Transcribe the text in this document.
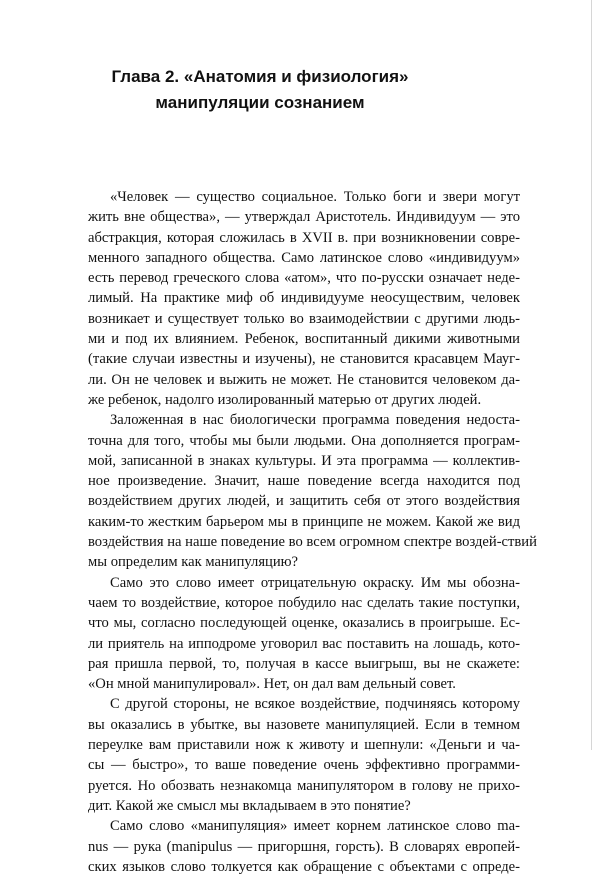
Глава 2. «Анатомия и физиология»
манипуляции сознанием
«Человек — существо социальное. Только боги и звери могут
жить вне общества», — утверждал Аристотель. Индивидуум — это
абстракция, которая сложилась в XVII в. при возникновении совре-
менного западного общества. Само латинское слово «индивидуум»
есть перевод греческого слова «атом», что по-русски означает неде-
лимый. На практике миф об индивидууме неосуществим, человек
возникает и существует только во взаимодействии с другими людь-
ми и под их влиянием. Ребенок, воспитанный дикими животными
(такие случаи известны и изучены), не становится красавцем Мауг-
ли. Он не человек и выжить не может. Не становится человеком да-
же ребенок, надолго изолированный матерью от других людей.
Заложенная в нас биологически программа поведения недоста-
точна для того, чтобы мы были людьми. Она дополняется програм-
мой, записанной в знаках культуры. И эта программа — коллектив-
ное произведение. Значит, наше поведение всегда находится под
воздействием других людей, и защитить себя от этого воздействия
каким-то жестким барьером мы в принципе не можем. Какой же вид
воздействия на наше поведение во всем огромном спектре воздей-ствий
мы определим как манипуляцию?
Само это слово имеет отрицательную окраску. Им мы обозна-
чаем то воздействие, которое побудило нас сделать такие поступки,
что мы, согласно последующей оценке, оказались в проигрыше. Ес-
ли приятель на ипподроме уговорил вас поставить на лошадь, кото-
рая пришла первой, то, получая в кассе выигрыш, вы не скажете:
«Он мной манипулировал». Нет, он дал вам дельный совет.
С другой стороны, не всякое воздействие, подчиняясь которому
вы оказались в убытке, вы назовете манипуляцией. Если в темном
переулке вам приставили нож к животу и шепнули: «Деньги и ча-
сы — быстро», то ваше поведение очень эффективно программи-
руется. Но обозвать незнакомца манипулятором в голову не прихо-
дит. Какой же смысл мы вкладываем в это понятие?
Само слово «манипуляция» имеет корнем латинское слово ma-
nus — рука (manipulus — пригоршня, горсть). В словарях европей-
ских языков слово толкуется как обращение с объектами с опреде-
